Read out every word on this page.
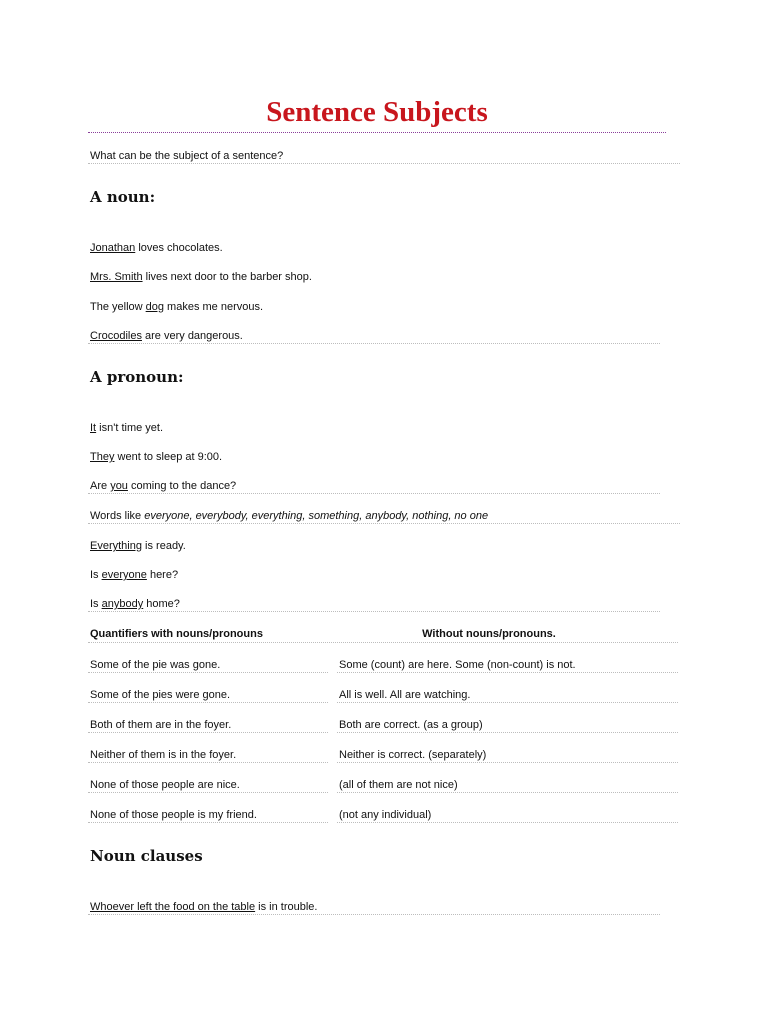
Sentence Subjects
What can be the subject of a sentence?
A noun:
Jonathan loves chocolates.
Mrs. Smith lives next door to the barber shop.
The yellow dog makes me nervous.
Crocodiles are very dangerous.
A pronoun:
It isn't time yet.
They went to sleep at 9:00.
Are you coming to the dance?
Words like everyone, everybody, everything, something, anybody, nothing, no one
Everything is ready.
Is everyone here?
Is anybody home?
Quantifiers with nouns/pronouns	Without nouns/pronouns.
Some of the pie was gone.	Some (count) are here. Some (non-count) is not.
Some of the pies were gone.	All is well. All are watching.
Both of them are in the foyer.	Both are correct. (as a group)
Neither of them is in the foyer.	Neither is correct. (separately)
None of those people are nice.	(all of them are not nice)
None of those people is my friend.	(not any individual)
Noun clauses
Whoever left the food on the table is in trouble.
